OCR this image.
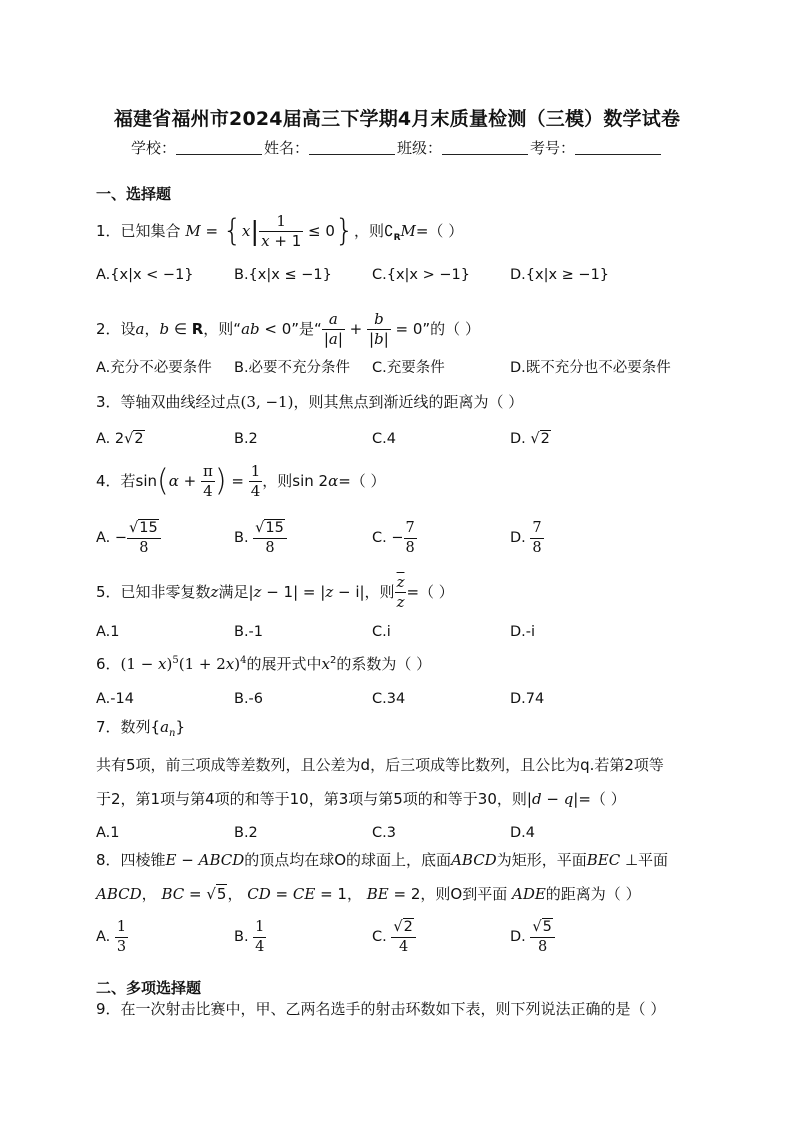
福建省福州市2024届高三下学期4月末质量检测（三模）数学试卷
学校：	姓名：	班级：	考号：
一、选择题
1．已知集合 $M = \{x| \frac{1}{x + 1} \le 0\}$，则$∁_RM=$（ ）
A.{x|x < −1}	B.{x|x ≤ −1}	C.{x|x > −1}	D.{x|x ≥ −1}
2．设a，b ∈ R，则“ab < 0”是“ $\frac{a}{|a|} + \frac{b}{|b|} = 0$”的（ ）
A.充分不必要条件 B.必要不充分条件 C.充要条件	D.既不充分也不必要条件
3．等轴双曲线经过点(3, −1)，则其焦点到渐近线的距离为（ ）
A. 2√2	B.2	C.4	D. √2
4．若$\sin(\alpha + \frac{\pi}{4}$ ) = $\frac{1}{4}$ ，则sin 2α=（ ）
A. − $\frac{√15}{8}$	B. $\frac{√15}{8}$	C. − $\frac{7}{8}$	D. $\frac{7}{8}$
5．已知非零复数z满足|z − 1| = |z − i|，则 $\frac{\overline{z}}{z}$ =（ ）
A.1	B.-1	C.i	D.-i
6．$(1 - x)^5(1 + 2x)^4$的展开式中$x^2$的系数为（ ）
A.-14	B.-6	C.34	D.74
7．数列$\{a_n\}$
共有5项，前三项成等差数列，且公差为d，后三项成等比数列，且公比为q.若第2项等
于2，第1项与第4项的和等于10，第3项与第5项的和等于30，则|d − q|=（ ）
A.1	B.2	C.3	D.4
8．四棱锥E − ABCD的顶点均在球O的球面上，底面ABCD为矩形，平面BEC ⊥平面
ABCD， BC = √5， CD = CE = 1， BE = 2，则O到平面 ADE的距离为（ ）
A. $\frac{1}{3}$	B. $\frac{1}{4}$	C. $\frac{√2}{4}$	D. $\frac{√5}{8}$
二、多项选择题
9．在一次射击比赛中，甲、乙两名选手的射击环数如下表，则下列说法正确的是（ ）
